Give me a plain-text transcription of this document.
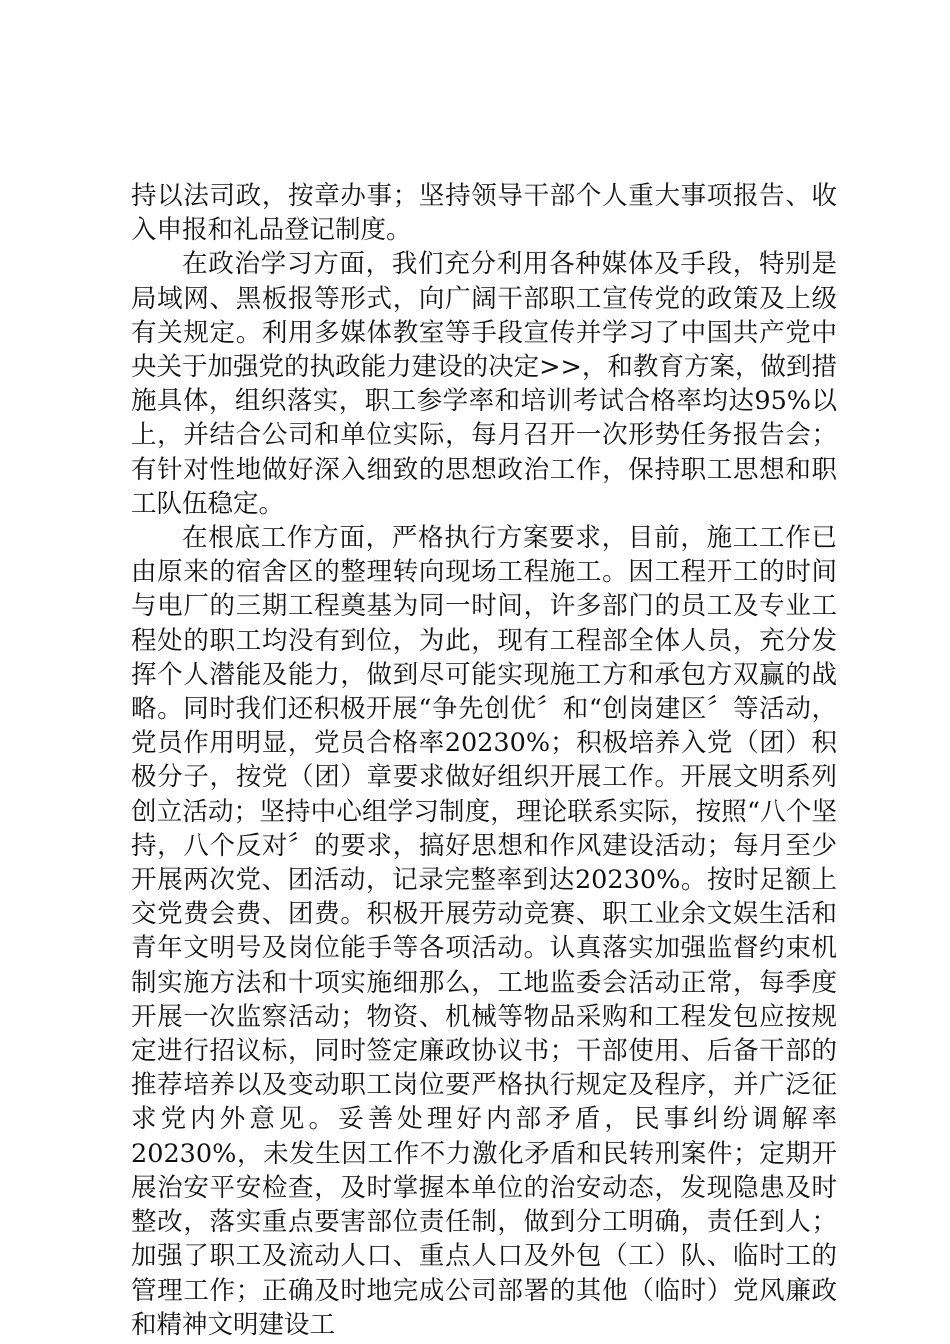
持以法司政，按章办事；坚持领导干部个人重大事项报告、收入申报和礼品登记制度。

在政治学习方面，我们充分利用各种媒体及手段，特别是局域网、黑板报等形式，向广阔干部职工宣传党的政策及上级有关规定。利用多媒体教室等手段宣传并学习了中国共产党中央关于加强党的执政能力建设的决定>>，和教育方案，做到措施具体，组织落实，职工参学率和培训考试合格率均达95%以上，并结合公司和单位实际，每月召开一次形势任务报告会；有针对性地做好深入细致的思想政治工作，保持职工思想和职工队伍稳定。

在根底工作方面，严格执行方案要求，目前，施工工作已由原来的宿舍区的整理转向现场工程施工。因工程开工的时间与电厂的三期工程奠基为同一时间，许多部门的员工及专业工程处的职工均没有到位，为此，现有工程部全体人员，充分发挥个人潜能及能力，做到尽可能实现施工方和承包方双赢的战略。同时我们还积极开展“争先创优〞和“创岗建区〞等活动，党员作用明显，党员合格率20230%；积极培养入党（团）积极分子，按党（团）章要求做好组织开展工作。开展文明系列创立活动；坚持中心组学习制度，理论联系实际，按照“八个坚持，八个反对〞的要求，搞好思想和作风建设活动；每月至少开展两次党、团活动，记录完整率到达20230%。按时足额上交党费会费、团费。积极开展劳动竞赛、职工业余文娱生活和青年文明号及岗位能手等各项活动。认真落实加强监督约束机制实施方法和十项实施细那么，工地监委会活动正常，每季度开展一次监察活动；物资、机械等物品采购和工程发包应按规定进行招议标，同时签定廉政协议书；干部使用、后备干部的推荐培养以及变动职工岗位要严格执行规定及程序，并广泛征求党内外意见。妥善处理好内部矛盾，民事纠纷调解率20230%，未发生因工作不力激化矛盾和民转刑案件；定期开展治安平安检查，及时掌握本单位的治安动态，发现隐患及时整改，落实重点要害部位责任制，做到分工明确，责任到人；加强了职工及流动人口、重点人口及外包（工）队、临时工的管理工作；正确及时地完成公司部署的其他（临时）党风廉政和精神文明建设工
